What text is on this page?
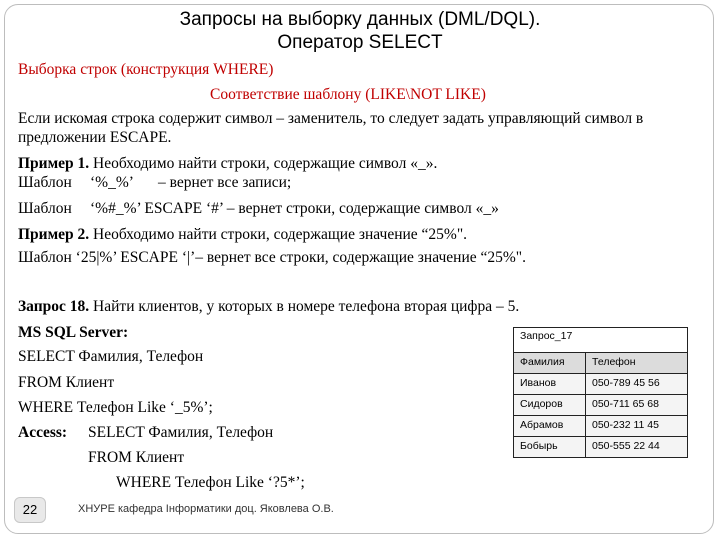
Запросы на выборку данных (DML/DQL).
Оператор SELECT
Выборка строк (конструкция WHERE)
Соответствие шаблону (LIKE\NOT LIKE)
Если искомая строка содержит символ – заменитель, то следует задать управляющий символ в
предложении ESCAPE.
Пример 1. Необходимо найти строки, содержащие символ «_».
Шаблон ‘%_%’ – вернет все записи;
Шаблон ‘%#_%’ ESCAPE ‘#’ – вернет строки, содержащие символ «_»
Пример 2. Необходимо найти строки, содержащие значение “25%".
Шаблон ‘25|%’ ESCAPE ‘|’– вернет все строки, содержащие значение “25%".
Запрос 18. Найти клиентов, у которых в номере телефона вторая цифра – 5.
MS SQL Server:
SELECT Фамилия, Телефон
FROM Клиент
WHERE Телефон Like ‘_5%’;
Access: SELECT Фамилия, Телефон
FROM Клиент
WHERE Телефон Like ‘?5*’;
Запрос_17
Фамилия	Телефон
Иванов	050-789 45 56
Сидоров	050-711 65 68
Абрамов	050-232 11 45
Бобырь	050-555 22 44
22	ХНУРЕ кафедра Інформатики доц. Яковлева О.В.
